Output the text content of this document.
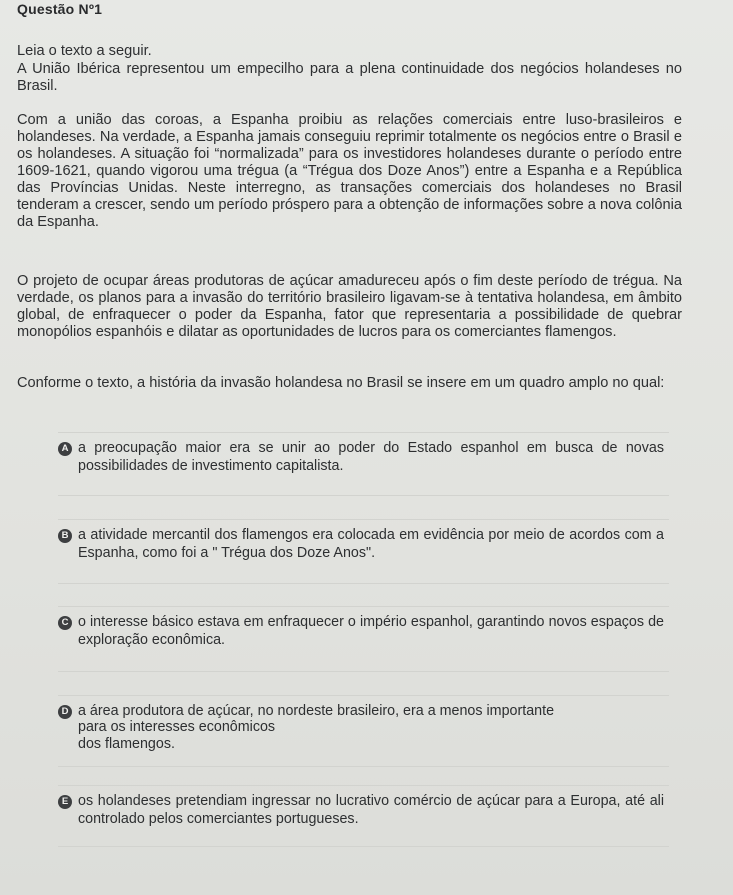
Questão Nº1
Leia o texto a seguir.
A União Ibérica representou um empecilho para a plena continuidade dos negócios holandeses no Brasil.
Com a união das coroas, a Espanha proibiu as relações comerciais entre luso-brasileiros e holandeses. Na verdade, a Espanha jamais conseguiu reprimir totalmente os negócios entre o Brasil e os holandeses. A situação foi “normalizada” para os investidores holandeses durante o período entre 1609-1621, quando vigorou uma trégua (a “Trégua dos Doze Anos”) entre a Espanha e a República das Províncias Unidas. Neste interregno, as transações comerciais dos holandeses no Brasil tenderam a crescer, sendo um período próspero para a obtenção de informações sobre a nova colônia da Espanha.
O projeto de ocupar áreas produtoras de açúcar amadureceu após o fim deste período de trégua. Na verdade, os planos para a invasão do território brasileiro ligavam-se à tentativa holandesa, em âmbito global, de enfraquecer o poder da Espanha, fator que representaria a possibilidade de quebrar monopólios espanhóis e dilatar as oportunidades de lucros para os comerciantes flamengos.
Conforme o texto, a história da invasão holandesa no Brasil se insere em um quadro amplo no qual:
A a preocupação maior era se unir ao poder do Estado espanhol em busca de novas possibilidades de investimento capitalista.
B a atividade mercantil dos flamengos era colocada em evidência por meio de acordos com a Espanha, como foi a " Trégua dos Doze Anos".
C o interesse básico estava em enfraquecer o império espanhol, garantindo novos espaços de exploração econômica.
D a área produtora de açúcar, no nordeste brasileiro, era a menos importante
para os interesses econômicos
dos flamengos.
E os holandeses pretendiam ingressar no lucrativo comércio de açúcar para a Europa, até ali controlado pelos comerciantes portugueses.
